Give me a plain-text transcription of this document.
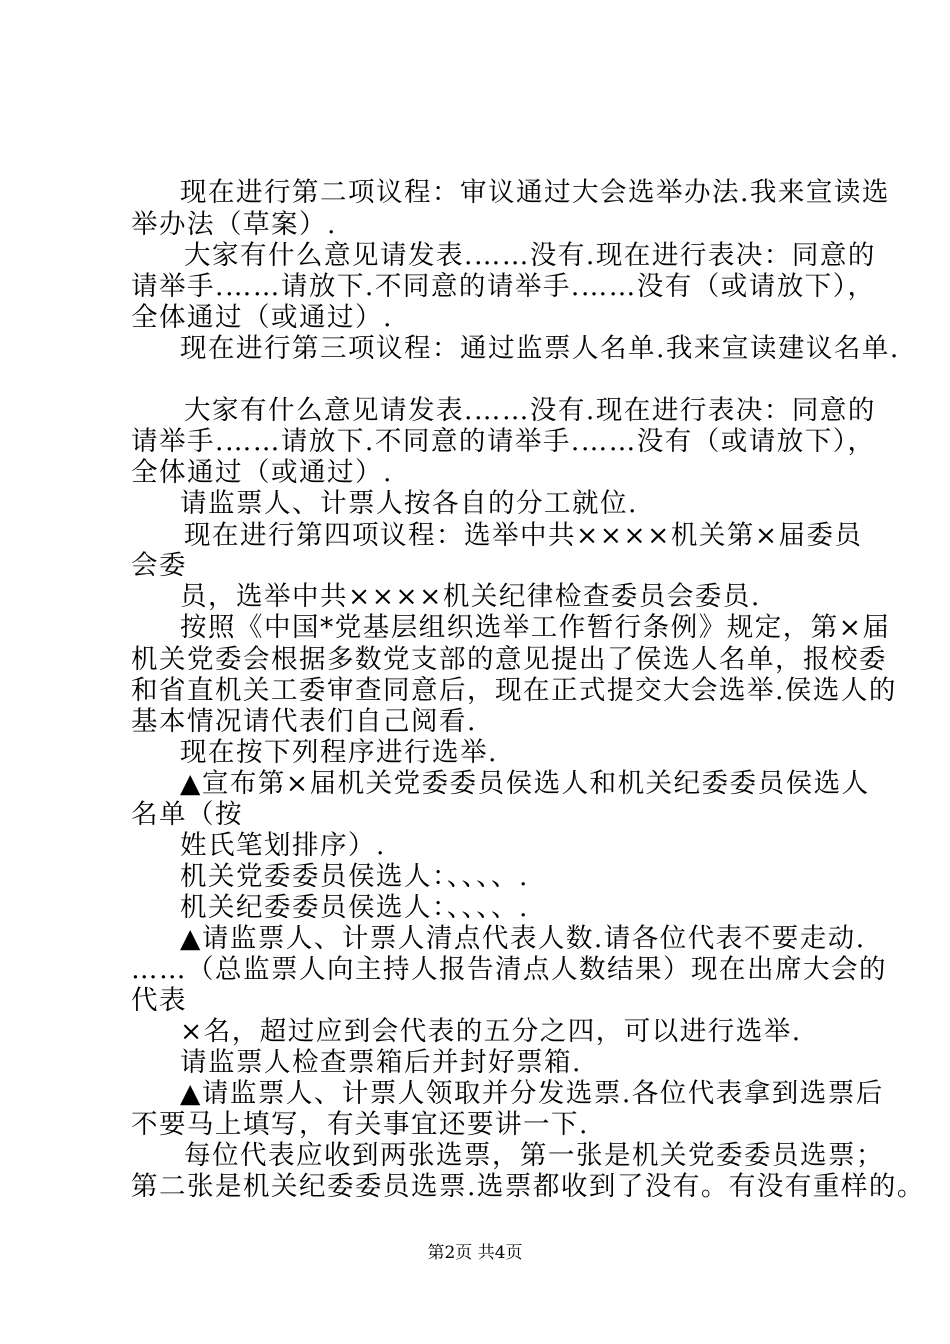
现在进行第二项议程：审议通过大会选举办法.我来宣读选
举办法（草案）.
大家有什么意见请发表.……没有.现在进行表决：同意的
请举手.……请放下.不同意的请举手.……没有（或请放下），
全体通过（或通过）.
现在进行第三项议程：通过监票人名单.我来宣读建议名单.
大家有什么意见请发表.……没有.现在进行表决：同意的
请举手.……请放下.不同意的请举手.……没有（或请放下），
全体通过（或通过）.
请监票人、计票人按各自的分工就位.
现在进行第四项议程：选举中共××××机关第×届委员
会委
员，选举中共××××机关纪律检查委员会委员.
按照《中国*党基层组织选举工作暂行条例》规定，第×届
机关党委会根据多数党支部的意见提出了侯选人名单，报校委
和省直机关工委审查同意后，现在正式提交大会选举.侯选人的
基本情况请代表们自己阅看.
现在按下列程序进行选举.
▲宣布第×届机关党委委员侯选人和机关纪委委员侯选人
名单（按
姓氏笔划排序）.
机关党委委员侯选人：、、、、.
机关纪委委员侯选人：、、、、.
▲请监票人、计票人清点代表人数.请各位代表不要走动.
……（总监票人向主持人报告清点人数结果）现在出席大会的
代表
×名，超过应到会代表的五分之四，可以进行选举.
请监票人检查票箱后并封好票箱.
▲请监票人、计票人领取并分发选票.各位代表拿到选票后
不要马上填写，有关事宜还要讲一下.
每位代表应收到两张选票，第一张是机关党委委员选票；
第二张是机关纪委委员选票.选票都收到了没有。有没有重样的。
第2页 共4页
